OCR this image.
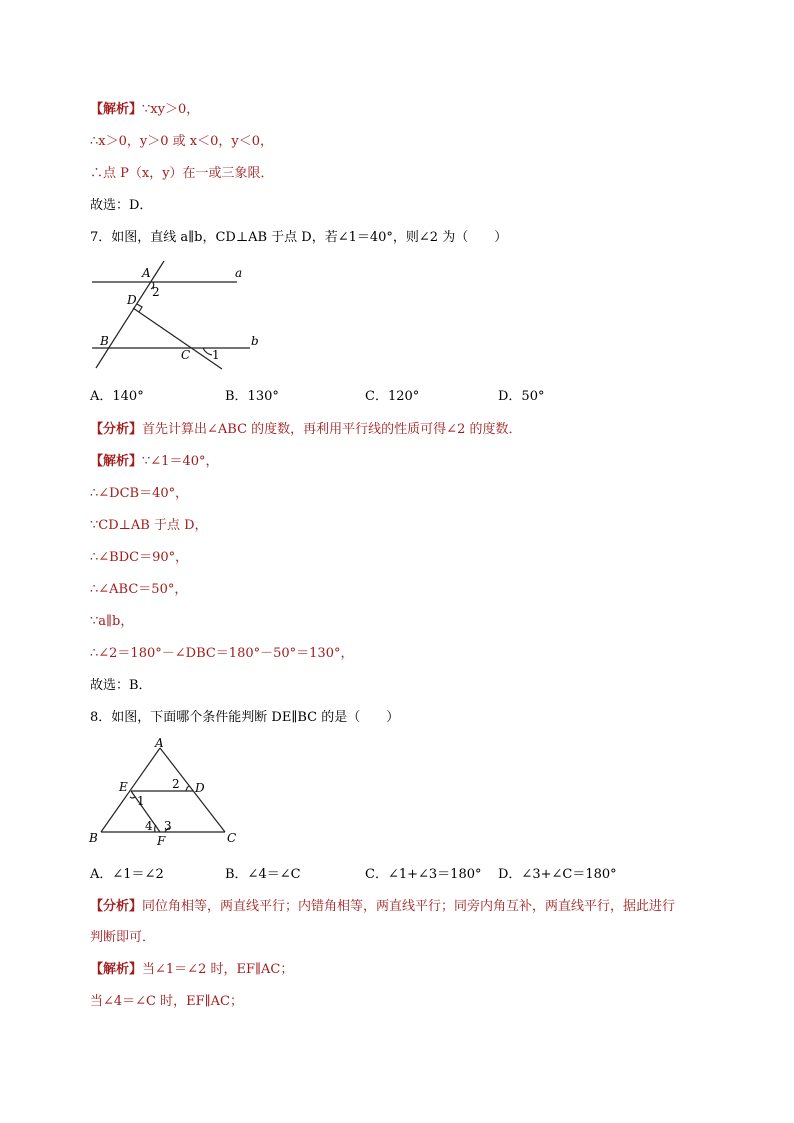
【解析】∵xy＞0，
∴x＞0，y＞0 或 x＜0，y＜0，
∴点 P（x，y）在一或三象限．
故选：D．
7．如图，直线 a∥b，CD⊥AB 于点 D，若∠1＝40°，则∠2 为（　　）
A	a
D
2
B
C 1
b
A．140°	B．130°	C．120°	D．50°
【分析】首先计算出∠ABC 的度数，再利用平行线的性质可得∠2 的度数．
【解析】∵∠1＝40°，
∴∠DCB＝40°，
∵CD⊥AB 于点 D，
∴∠BDC＝90°，
∴∠ABC＝50°，
∵a∥b，
∴∠2＝180°－∠DBC＝180°－50°＝130°，
故选：B．
8．如图，下面哪个条件能判断 DE∥BC 的是（　　）
A
E	D
2
1
4 3
B	F	C
A．∠1＝∠2	B．∠4＝∠C	C．∠1+∠3＝180° D．∠3+∠C＝180°
【分析】同位角相等，两直线平行；内错角相等，两直线平行；同旁内角互补，两直线平行，据此进行
判断即可．
【解析】当∠1＝∠2 时，EF∥AC；
当∠4＝∠C 时，EF∥AC；
